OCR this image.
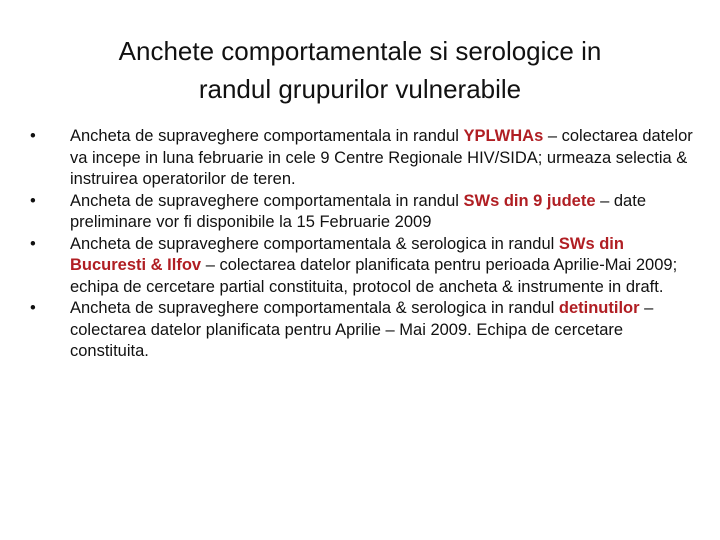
Anchete comportamentale si serologice in
randul grupurilor vulnerabile
•	Ancheta de supraveghere comportamentala in randul YPLWHAs – colectarea datelor va incepe in luna februarie in cele 9 Centre Regionale HIV/SIDA; urmeaza selectia & instruirea operatorilor de teren.
•	Ancheta de supraveghere comportamentala in randul SWs din 9 judete – date preliminare vor fi disponibile la 15 Februarie 2009
•	Ancheta de supraveghere comportamentala & serologica in randul SWs din Bucuresti & Ilfov – colectarea datelor planificata pentru perioada Aprilie-Mai 2009; echipa de cercetare partial constituita, protocol de ancheta & instrumente in draft.
•	Ancheta de supraveghere comportamentala & serologica in randul detinutilor – colectarea datelor planificata pentru Aprilie – Mai 2009. Echipa de cercetare constituita.
